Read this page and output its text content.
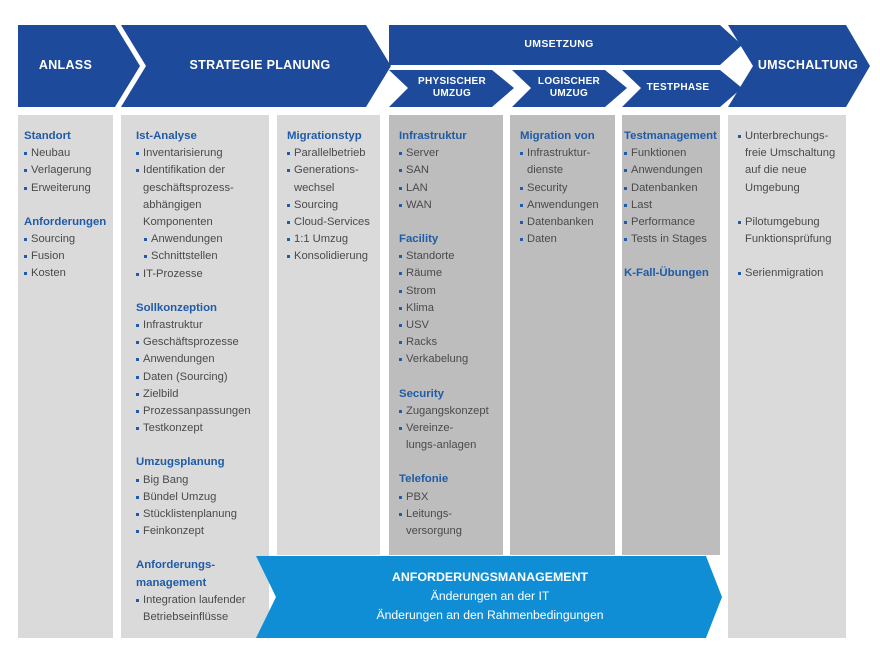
ANLASS	STRATEGIE PLANUNG
UMSETZUNG
PHYSISCHER
UMZUG
LOGISCHER
UMZUG
TESTPHASE
UMSCHALTUNG
Standort
Neubau
Verlagerung
Erweiterung
Anforderungen
Sourcing
Fusion
Kosten
Ist-Analyse
Inventarisierung
Identifikation der
geschäftsprozess-
abhängigen
Komponenten
Anwendungen
Schnittstellen
IT-Prozesse
Sollkonzeption
Infrastruktur
Geschäftsprozesse
Anwendungen
Daten (Sourcing)
Zielbild
Prozessanpassungen
Testkonzept
Umzugsplanung
Big Bang
Bündel Umzug
Stücklistenplanung
Feinkonzept
Anforderungs-
management
Integration laufender
Betriebseinflüsse
Migrationstyp
Parallelbetrieb
Generations-
wechsel
Sourcing
Cloud-Services
1:1 Umzug
Konsolidierung
Infrastruktur
Server
SAN
LAN
WAN
Facility
Standorte
Räume
Strom
Klima
USV
Racks
Verkabelung
Security
Zugangskonzept
Vereinze-
lungs-anlagen
Telefonie
PBX
Leitungs-
versorgung
Migration von
Infrastruktur-
dienste
Security
Anwendungen
Datenbanken
Daten
Testmanagement
Funktionen
Anwendungen
Datenbanken
Last
Performance
Tests in Stages
K-Fall-Übungen
Unterbrechungs-
freie Umschaltung
auf die neue
Umgebung
Pilotumgebung
Funktionsprüfung
Serienmigration
ANFORDERUNGSMANAGEMENT
Änderungen an der IT
Änderungen an den Rahmenbedingungen
